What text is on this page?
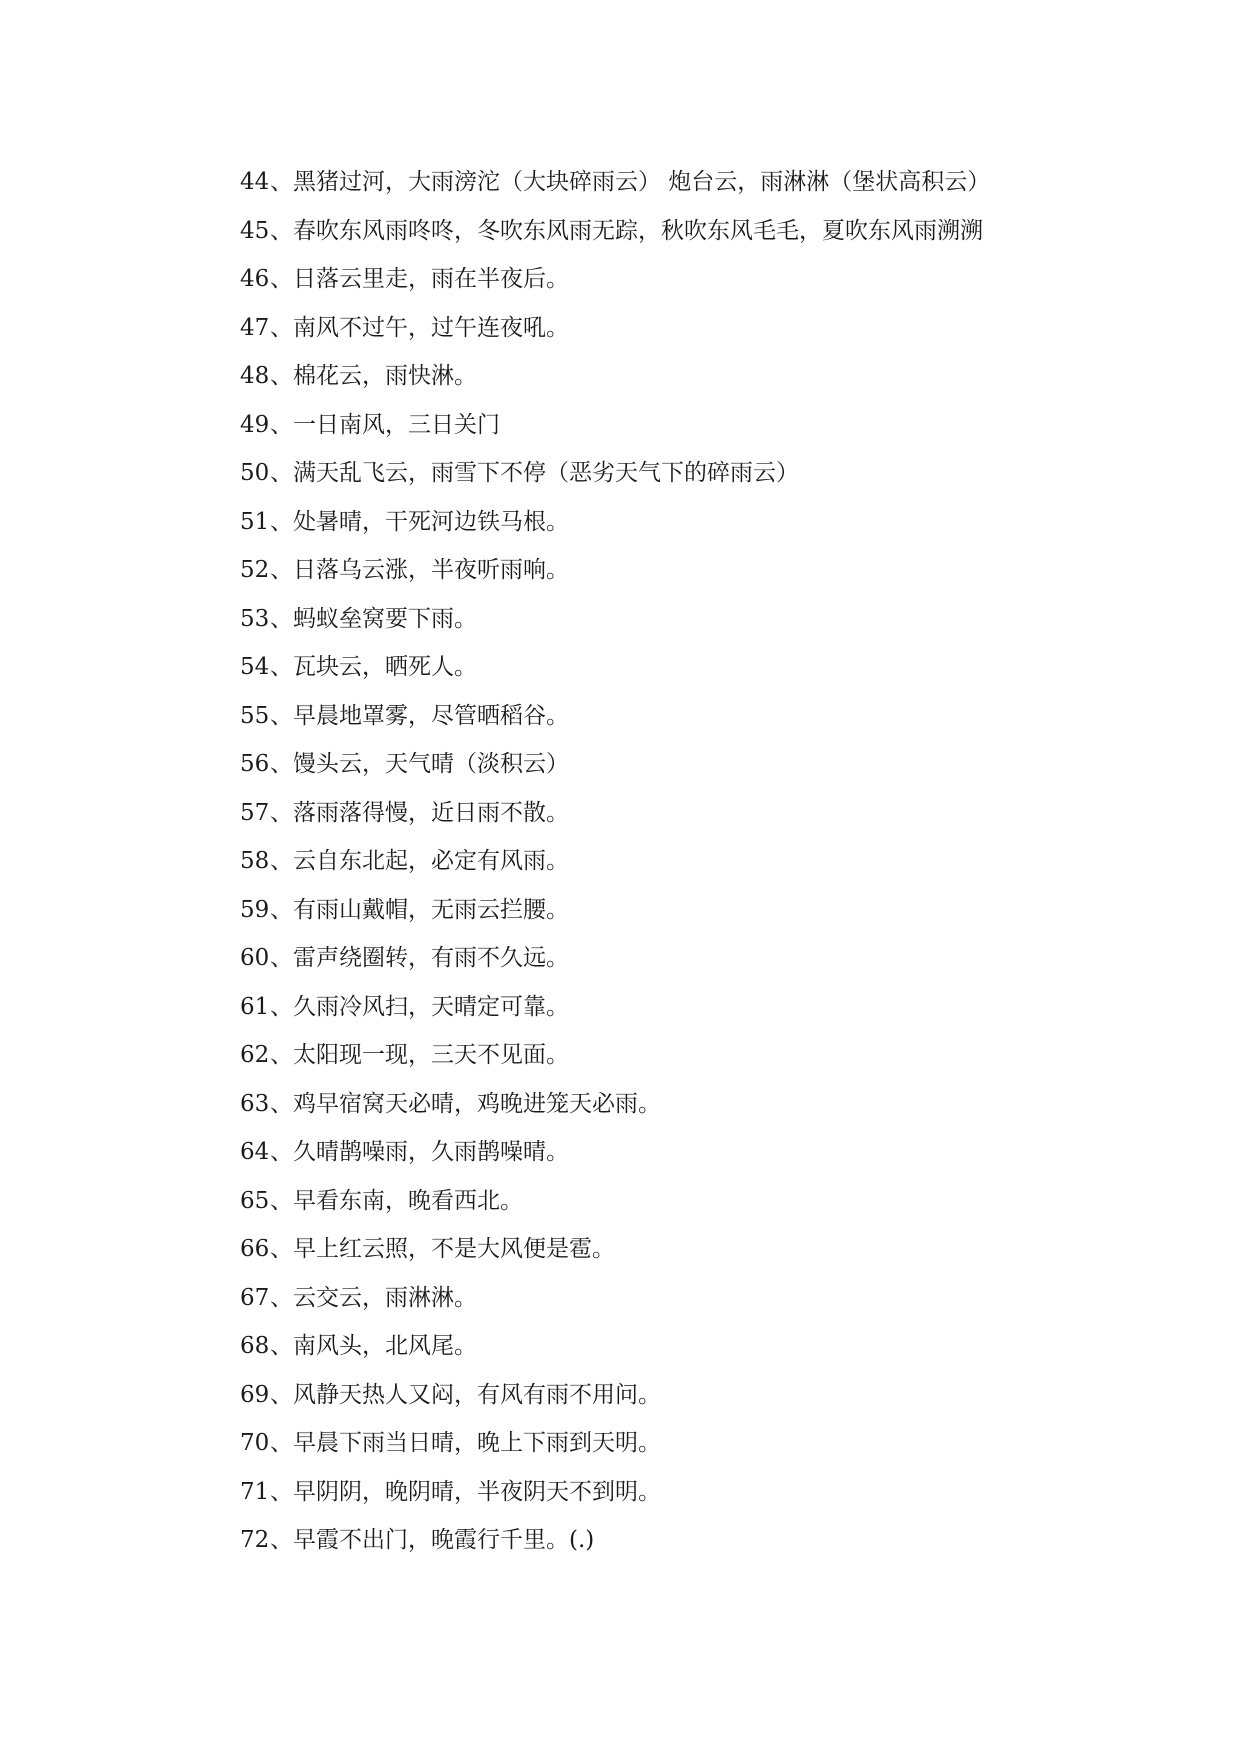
44、黑猪过河，大雨滂沱（大块碎雨云） 炮台云，雨淋淋（堡状高积云）
45、春吹东风雨咚咚，冬吹东风雨无踪，秋吹东风毛毛，夏吹东风雨溯溯
46、日落云里走，雨在半夜后。
47、南风不过午，过午连夜吼。
48、棉花云，雨快淋。
49、一日南风，三日关门
50、满天乱飞云，雨雪下不停（恶劣天气下的碎雨云）
51、处暑晴，干死河边铁马根。
52、日落乌云涨，半夜听雨响。
53、蚂蚁垒窝要下雨。
54、瓦块云，晒死人。
55、早晨地罩雾，尽管晒稻谷。
56、馒头云，天气晴（淡积云）
57、落雨落得慢，近日雨不散。
58、云自东北起，必定有风雨。
59、有雨山戴帽，无雨云拦腰。
60、雷声绕圈转，有雨不久远。
61、久雨冷风扫，天晴定可靠。
62、太阳现一现，三天不见面。
63、鸡早宿窝天必晴，鸡晚进笼天必雨。
64、久晴鹊噪雨，久雨鹊噪晴。
65、早看东南，晚看西北。
66、早上红云照，不是大风便是雹。
67、云交云，雨淋淋。
68、南风头，北风尾。
69、风静天热人又闷，有风有雨不用问。
70、早晨下雨当日晴，晚上下雨到天明。
71、早阴阴，晚阴晴，半夜阴天不到明。
72、早霞不出门，晚霞行千里。(.)
